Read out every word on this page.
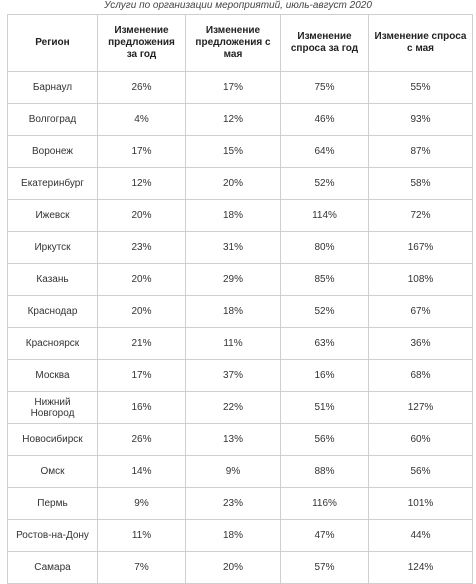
Услуги по организации мероприятий, июль-август 2020
Регион	Изменение предложения за год	Изменение предложения с мая	Изменение спроса за год	Изменение спроса с мая
Барнаул	26%	17%	75%	55%
Волгоград	4%	12%	46%	93%
Воронеж	17%	15%	64%	87%
Екатеринбург	12%	20%	52%	58%
Ижевск	20%	18%	114%	72%
Иркутск	23%	31%	80%	167%
Казань	20%	29%	85%	108%
Краснодар	20%	18%	52%	67%
Красноярск	21%	11%	63%	36%
Москва	17%	37%	16%	68%
Нижний Новгород	16%	22%	51%	127%
Новосибирск	26%	13%	56%	60%
Омск	14%	9%	88%	56%
Пермь	9%	23%	116%	101%
Ростов-на-Дону	11%	18%	47%	44%
Самара	7%	20%	57%	124%
